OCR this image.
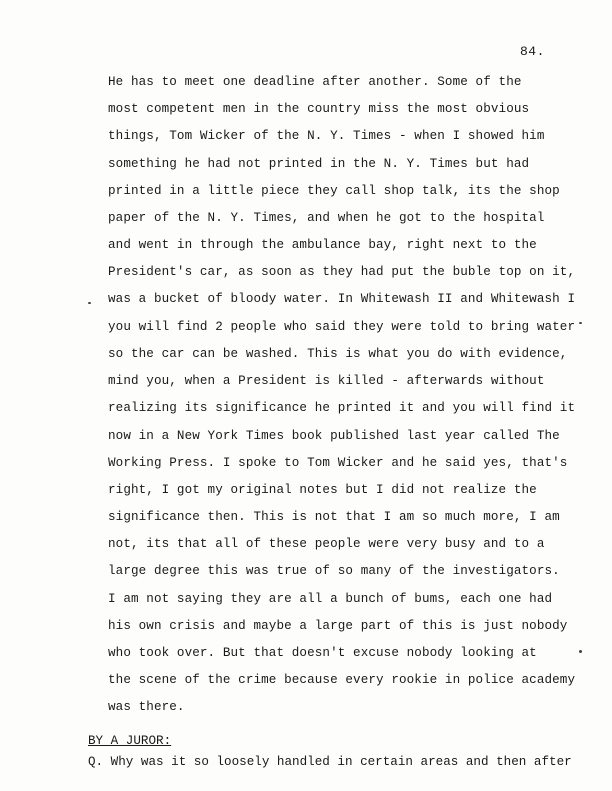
84.
He has to meet one deadline after another. Some of the
most competent men in the country miss the most obvious
things, Tom Wicker of the N. Y. Times - when I showed him
something he had not printed in the N. Y. Times but had
printed in a little piece they call shop talk, its the shop
paper of the N. Y. Times, and when he got to the hospital
and went in through the ambulance bay, right next to the
President's car, as soon as they had put the buble top on it,
was a bucket of bloody water. In Whitewash II and Whitewash I
you will find 2 people who said they were told to bring water
so the car can be washed. This is what you do with evidence,
mind you, when a President is killed - afterwards without
realizing its significance he printed it and you will find it
now in a New York Times book published last year called The
Working Press. I spoke to Tom Wicker and he said yes, that's
right, I got my original notes but I did not realize the
significance then. This is not that I am so much more, I am
not, its that all of these people were very busy and to a
large degree this was true of so many of the investigators.
I am not saying they are all a bunch of bums, each one had
his own crisis and maybe a large part of this is just nobody
who took over. But that doesn't excuse nobody looking at
the scene of the crime because every rookie in police academy
was there.
BY A JUROR:
Q. Why was it so loosely handled in certain areas and then after
